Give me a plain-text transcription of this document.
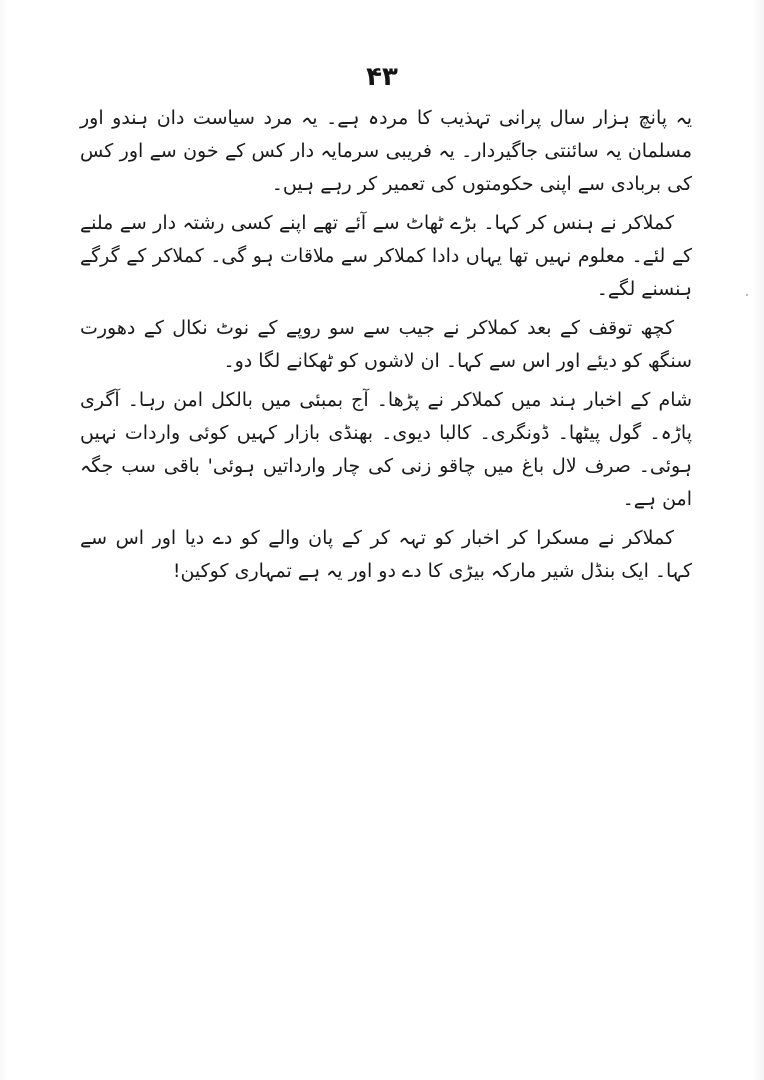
۴۳

یہ پانچ ہزار سال پرانی تہذیب کا مردہ ہے۔ یہ مرد سیاست دان ہندو اور مسلمان یہ سائنتی جاگیردار۔ یہ فریبی سرمایہ دار کس کے خون سے اور کس کی بربادی سے اپنی حکومتوں کی تعمیر کر رہے ہیں۔

کملاکر نے ہنس کر کہا۔ بڑے ٹھاٹ سے آئے تھے اپنے کسی رشتہ دار سے ملنے کے لئے۔ معلوم نہیں تھا یہاں دادا کملاکر سے ملاقات ہو گی۔ کملاکر کے گرگے ہنسنے لگے۔

کچھ توقف کے بعد کملاکر نے جیب سے سو روپے کے نوٹ نکال کے دھورت سنگھ کو دیئے اور اس سے کہا۔ ان لاشوں کو ٹھکانے لگا دو۔

شام کے اخبار ہند میں کملاکر نے پڑھا۔ آج بمبئی میں بالکل امن رہا۔ آگری پاڑہ۔ گول پیٹھا۔ ڈونگری۔ کالبا دیوی۔ بھنڈی بازار کہیں کوئی واردات نہیں ہوئی۔ صرف لال باغ میں چاقو زنی کی چار وارداتیں ہوئی' باقی سب جگہ امن ہے۔

کملاکر نے مسکرا کر اخبار کو تہہ کر کے پان والے کو دے دیا اور اس سے کہا۔ ایک بنڈل شیر مارکہ بیڑی کا دے دو اور یہ ہے تمہاری کوکین!
